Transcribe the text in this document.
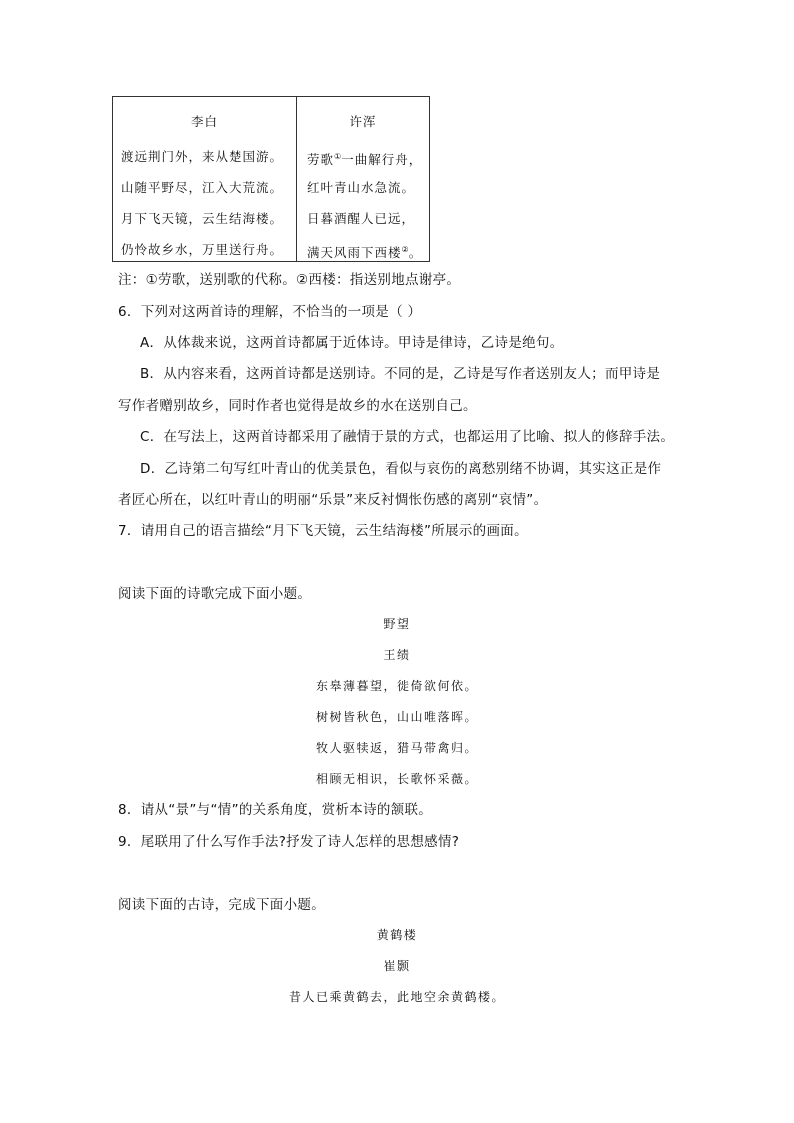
李白
渡远荆门外，来从楚国游。
山随平野尽，江入大荒流。
月下飞天镜，云生结海楼。
仍怜故乡水，万里送行舟。
许浑
劳歌①一曲解行舟，
红叶青山水急流。
日暮酒醒人已远，
满天风雨下西楼②。
注：①劳歌，送别歌的代称。②西楼：指送别地点谢亭。
6．下列对这两首诗的理解，不恰当的一项是（ ）
A．从体裁来说，这两首诗都属于近体诗。甲诗是律诗，乙诗是绝句。
B．从内容来看，这两首诗都是送别诗。不同的是，乙诗是写作者送别友人；而甲诗是
写作者赠别故乡，同时作者也觉得是故乡的水在送别自己。
C．在写法上，这两首诗都采用了融情于景的方式，也都运用了比喻、拟人的修辞手法。
D．乙诗第二句写红叶青山的优美景色，看似与哀伤的离愁别绪不协调，其实这正是作
者匠心所在，以红叶青山的明丽“乐景”来反衬惆怅伤感的离别“哀情”。
7．请用自己的语言描绘“月下飞天镜，云生结海楼”所展示的画面。
阅读下面的诗歌完成下面小题。
野望
王绩
东皋薄暮望，徙倚欲何依。
树树皆秋色，山山唯落晖。
牧人驱犊返，猎马带禽归。
相顾无相识，长歌怀采薇。
8．请从“景”与“情”的关系角度，赏析本诗的颔联。
9．尾联用了什么写作手法?抒发了诗人怎样的思想感情?
阅读下面的古诗，完成下面小题。
黄鹤楼
崔颢
昔人已乘黄鹤去，此地空余黄鹤楼。
